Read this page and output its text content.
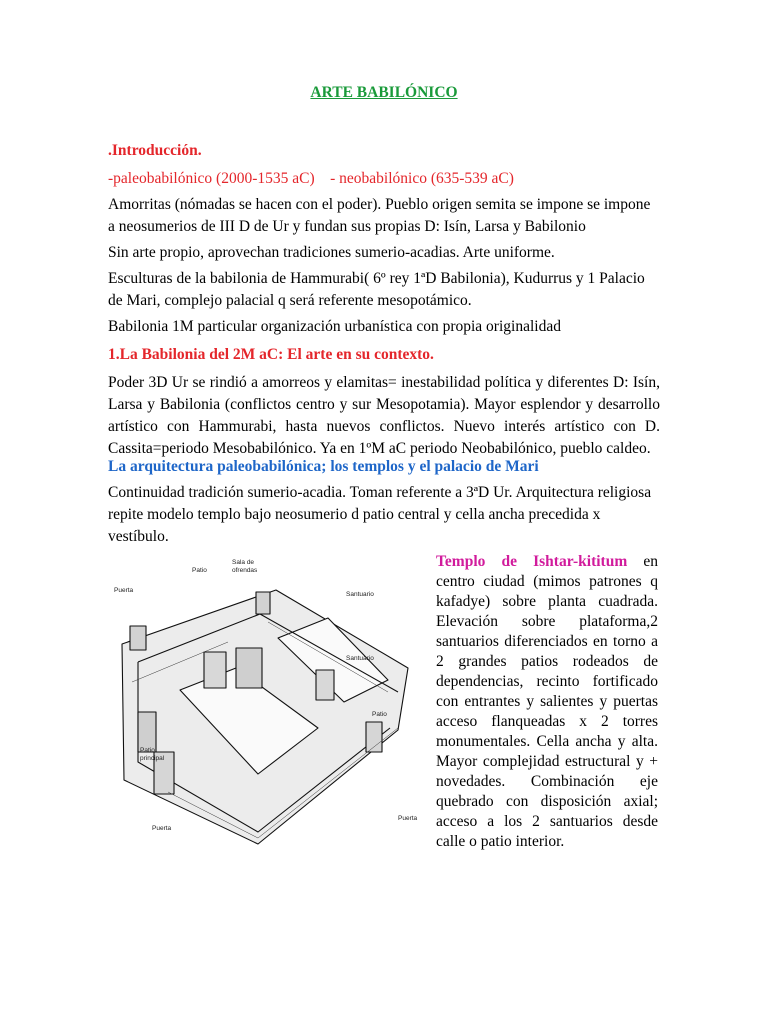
ARTE BABILÓNICO
.Introducción.
-paleobabilónico (2000-1535 aC) - neobabilónico (635-539 aC)
Amorritas (nómadas se hacen con el poder). Pueblo origen semita se impone se impone a neosumerios de III D de Ur y fundan sus propias D: Isín, Larsa y Babilonio
Sin arte propio, aprovechan tradiciones sumerio-acadias. Arte uniforme.
Esculturas de la babilonia de Hammurabi( 6º rey 1ªD Babilonia), Kudurrus y 1 Palacio de Mari, complejo palacial q será referente mesopotámico.
Babilonia 1M particular organización urbanística con propia originalidad
1.La Babilonia del 2M aC: El arte en su contexto.
Poder 3D Ur se rindió a amorreos y elamitas= inestabilidad política y diferentes D: Isín, Larsa y Babilonia (conflictos centro y sur Mesopotamia). Mayor esplendor y desarrollo artístico con Hammurabi, hasta nuevos conflictos. Nuevo interés artístico con D. Cassita=periodo Mesobabilónico. Ya en 1ºM aC periodo Neobabilónico, pueblo caldeo.
La arquitectura paleobabilónica; los templos y el palacio de Mari
Continuidad tradición sumerio-acadia. Toman referente a 3ªD Ur. Arquitectura religiosa repite modelo templo bajo neosumerio d patio central y cella ancha precedida x vestíbulo.
Patio
Sala de
ofrendas
Puerta
Santuario
Santuario
Patio
Patio
principal
Puerta
Puerta
Templo de Ishtar-kititum en centro ciudad (mimos patrones q kafadye) sobre planta cuadrada. Elevación sobre plataforma,2 santuarios diferenciados en torno a 2 grandes patios rodeados de dependencias, recinto fortificado con entrantes y salientes y puertas acceso flanqueadas x 2 torres monumentales. Cella ancha y alta. Mayor complejidad estructural y + novedades. Combinación eje quebrado con disposición axial; acceso a los 2 santuarios desde calle o patio interior.
